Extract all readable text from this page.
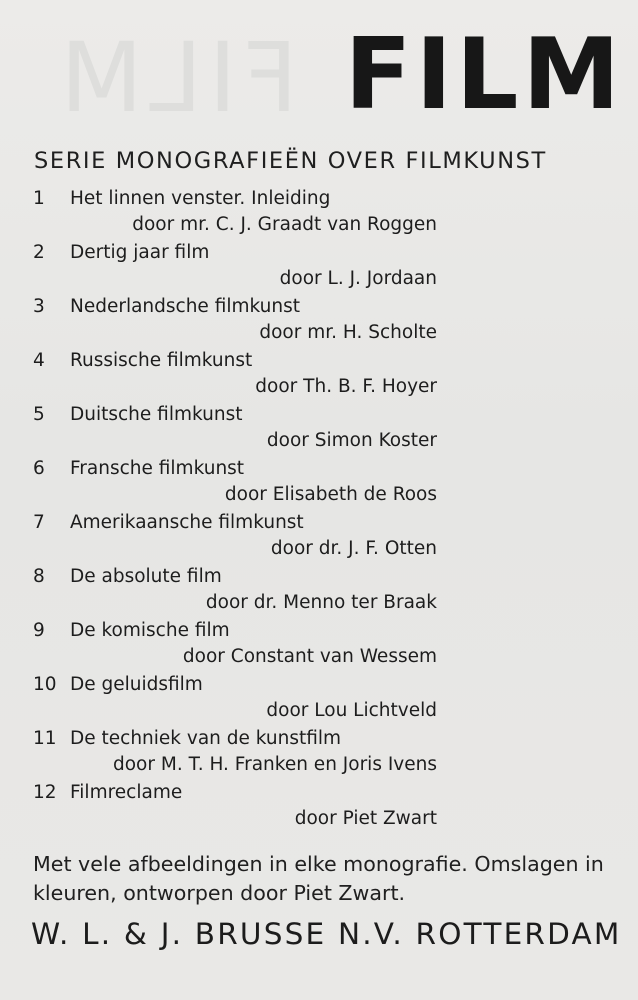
FILM FILM
SERIE MONOGRAFIEËN OVER FILMKUNST
1 Het linnen venster. Inleiding
door mr. C. J. Graadt van Roggen
2 Dertig jaar film
door L. J. Jordaan
3 Nederlandsche filmkunst
door mr. H. Scholte
4 Russische filmkunst
door Th. B. F. Hoyer
5 Duitsche filmkunst
door Simon Koster
6 Fransche filmkunst
door Elisabeth de Roos
7 Amerikaansche filmkunst
door dr. J. F. Otten
8 De absolute film
door dr. Menno ter Braak
9 De komische film
door Constant van Wessem
10 De geluidsfilm
door Lou Lichtveld
11 De techniek van de kunstfilm
door M. T. H. Franken en Joris Ivens
12 Filmreclame
door Piet Zwart
Met vele afbeeldingen in elke monografie. Omslagen in
kleuren, ontworpen door Piet Zwart.
W. L. & J. BRUSSE N.V. ROTTERDAM
